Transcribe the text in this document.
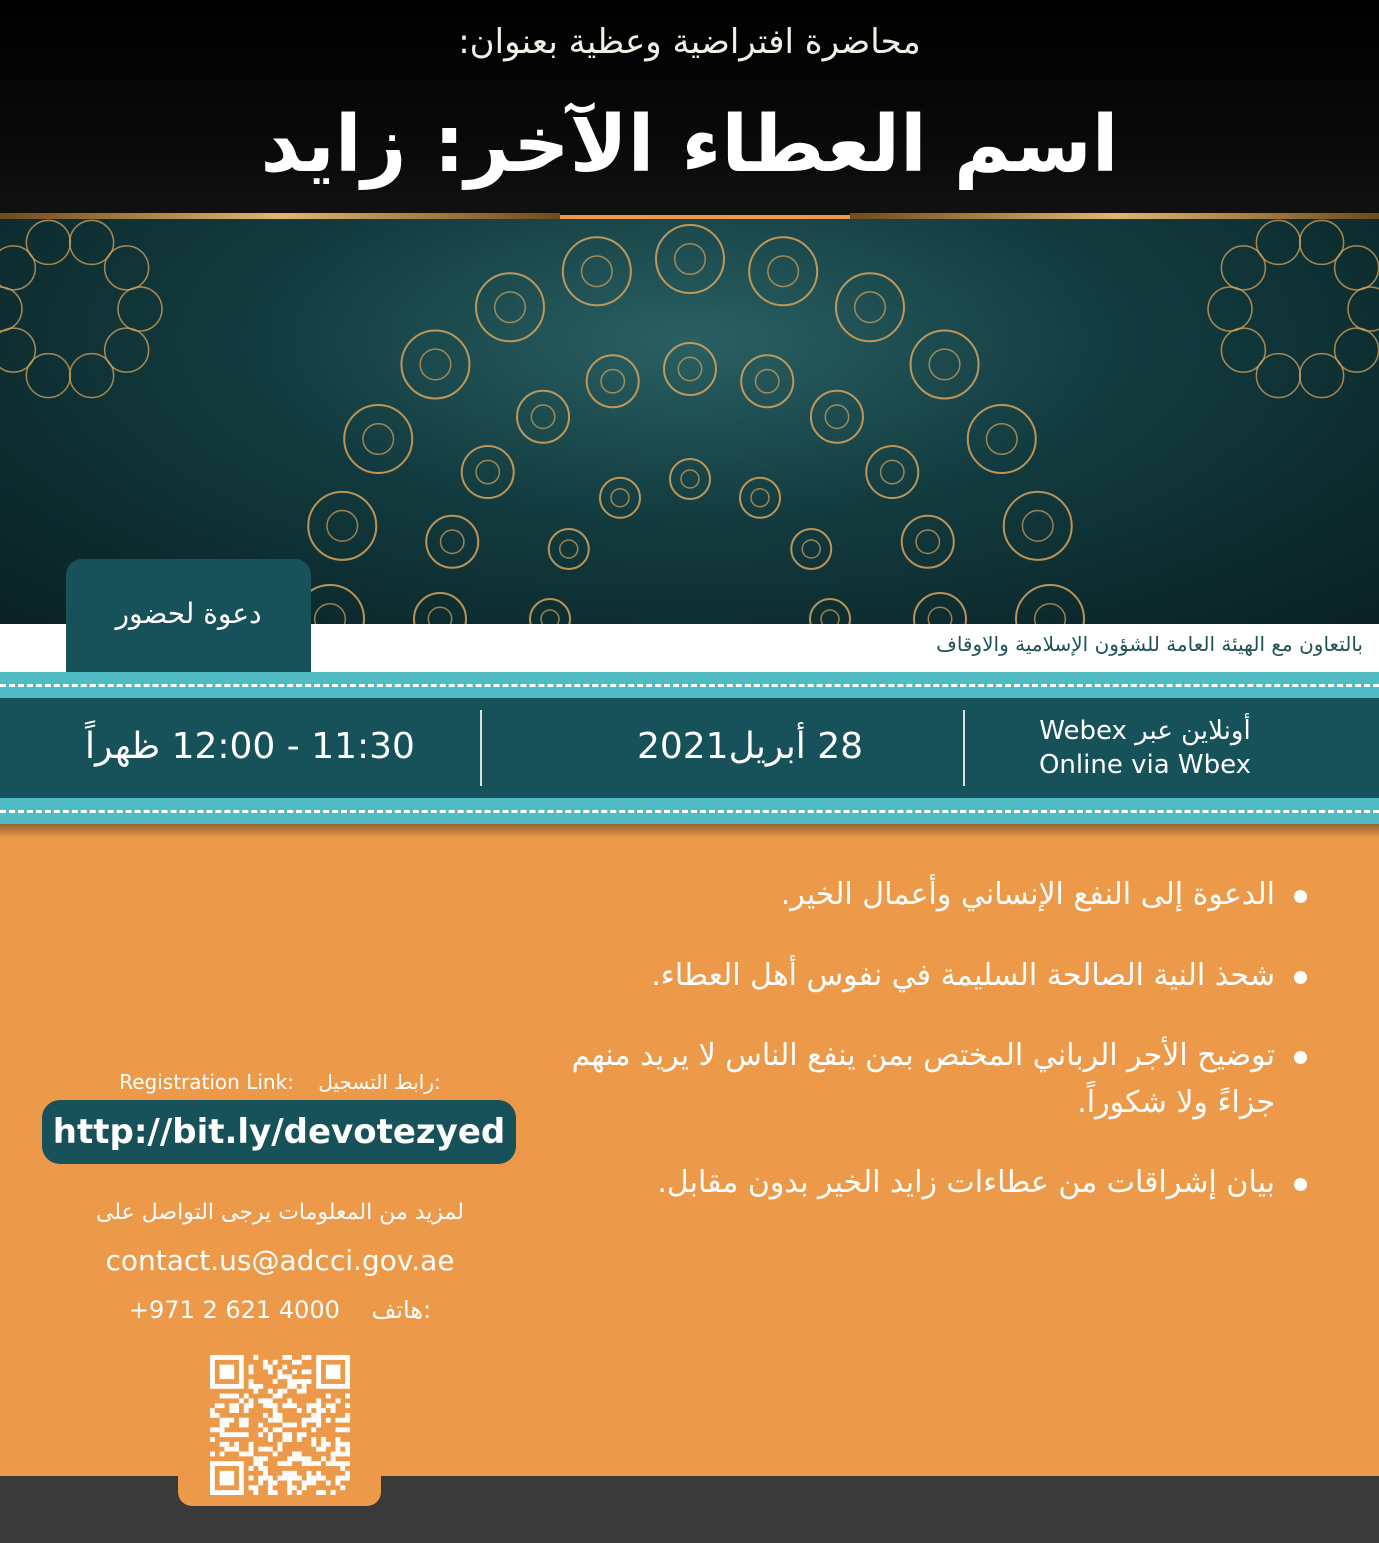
محاضرة افتراضية وعظية بعنوان:
اسم العطاء الآخر: زايد
بالتعاون مع الهيئة العامة للشؤون الإسلامية والاوقاف
دعوة لحضور
11:30 - 12:00 ظهراً	28 أبريل2021	أونلاين عبر Webex
Online via Wbex
الدعوة إلى النفع الإنساني وأعمال الخير.
شحذ النية الصالحة السليمة في نفوس أهل العطاء.
توضيح الأجر الرباني المختص بمن ينفع الناس لا يريد منهم جزاءً ولا شكوراً.
بيان إشراقات من عطاءات زايد الخير بدون مقابل.
Registration Link: رابط التسجيل:
http://bit.ly/devotezyed
لمزيد من المعلومات يرجى التواصل على
contact.us@adcci.gov.ae
+971 2 621 4000 هاتف:
